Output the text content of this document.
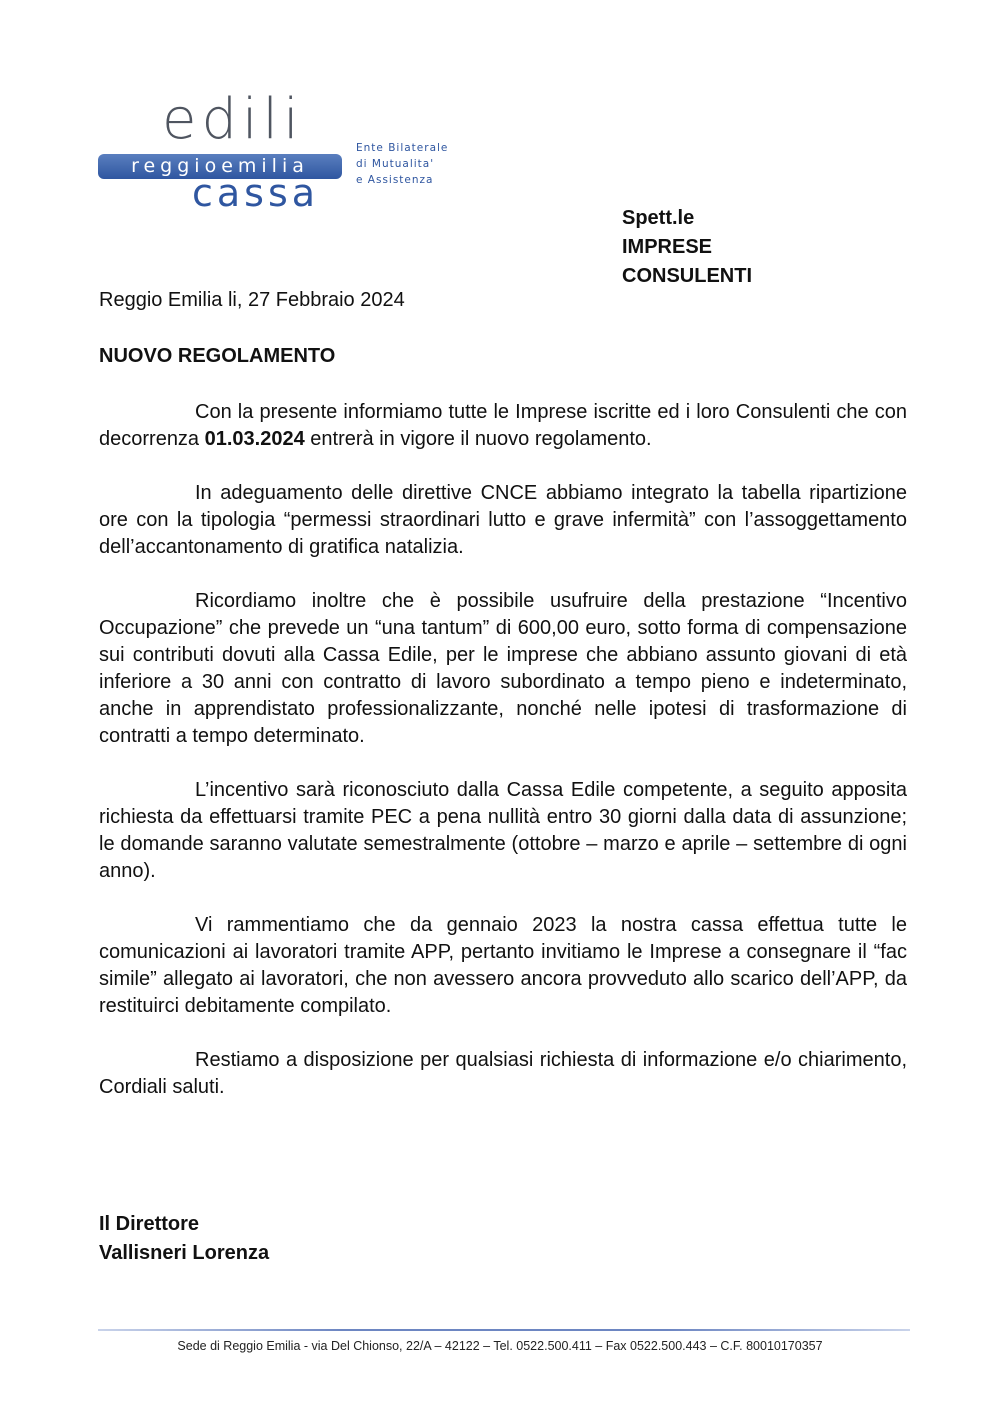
edili
reggioemilia
cassa
Ente Bilaterale
di Mutualita'
e Assistenza
Spett.le
IMPRESE
CONSULENTI
Reggio Emilia li, 27 Febbraio 2024
NUOVO REGOLAMENTO

Con la presente informiamo tutte le Imprese iscritte ed i loro Consulenti che con decorrenza 01.03.2024 entrerà in vigore il nuovo regolamento.

In adeguamento delle direttive CNCE abbiamo integrato la tabella ripartizione ore con la tipologia “permessi straordinari lutto e grave infermità” con l’assoggettamento dell’accantonamento di gratifica natalizia.

Ricordiamo inoltre che è possibile usufruire della prestazione “Incentivo Occupazione” che prevede un “una tantum” di 600,00 euro, sotto forma di compensazione sui contributi dovuti alla Cassa Edile, per le imprese che abbiano assunto giovani di età inferiore a 30 anni con contratto di lavoro subordinato a tempo pieno e indeterminato, anche in apprendistato professionalizzante, nonché nelle ipotesi di trasformazione di contratti a tempo determinato.

L’incentivo sarà riconosciuto dalla Cassa Edile competente, a seguito apposita richiesta da effettuarsi tramite PEC a pena nullità entro 30 giorni dalla data di assunzione; le domande saranno valutate semestralmente (ottobre – marzo e aprile – settembre di ogni anno).

Vi rammentiamo che da gennaio 2023 la nostra cassa effettua tutte le comunicazioni ai lavoratori tramite APP, pertanto invitiamo le Imprese a consegnare il “fac simile” allegato ai lavoratori, che non avessero ancora provveduto allo scarico dell’APP, da restituirci debitamente compilato.

Restiamo a disposizione per qualsiasi richiesta di informazione e/o chiarimento, Cordiali saluti.

Il Direttore
Vallisneri Lorenza
Sede di Reggio Emilia - via Del Chionso, 22/A – 42122 – Tel. 0522.500.411 – Fax 0522.500.443 – C.F. 80010170357
